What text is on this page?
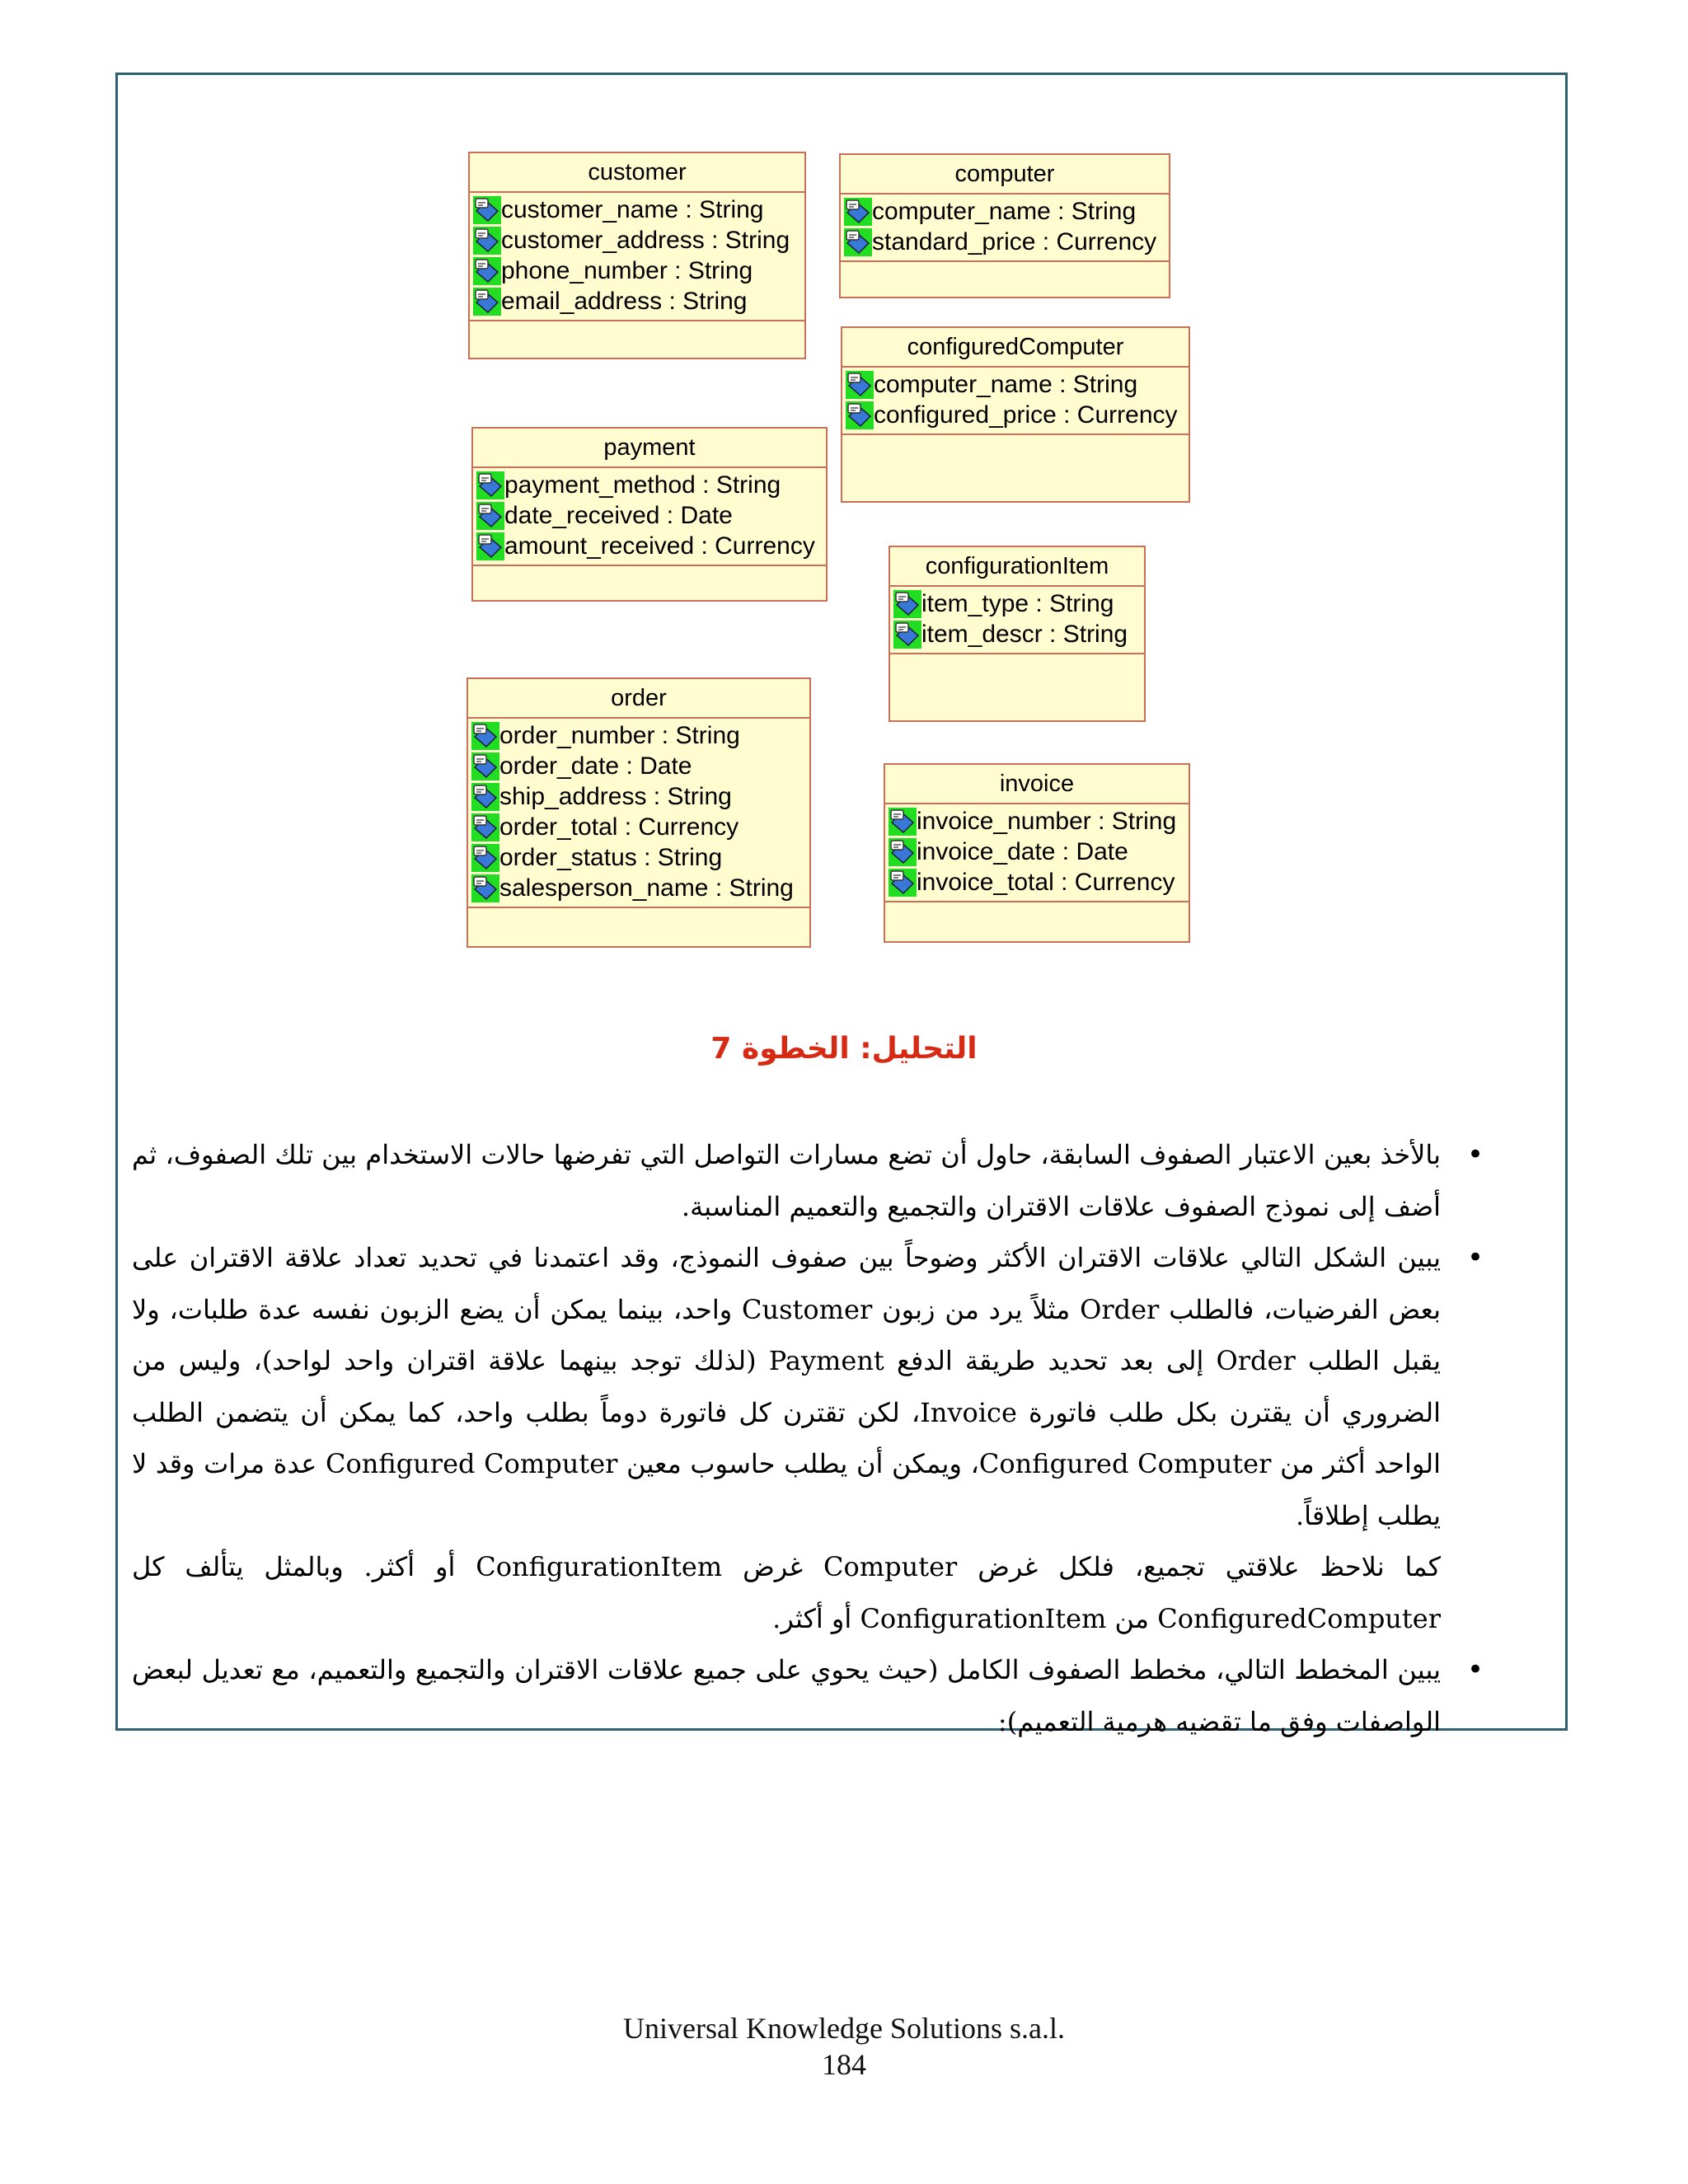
customer
customer_name : String
customer_address : String
phone_number : String
email_address : String
computer
computer_name : String
standard_price : Currency
configuredComputer
computer_name : String
configured_price : Currency
payment
payment_method : String
date_received : Date
amount_received : Currency
configurationItem
item_type : String
item_descr : String
order
order_number : String
order_date : Date
ship_address : String
order_total : Currency
order_status : String
salesperson_name : String
invoice
invoice_number : String
invoice_date : Date
invoice_total : Currency
التحليل: الخطوة 7

• بالأخذ بعين الاعتبار الصفوف السابقة، حاول أن تضع مسارات التواصل التي تفرضها حالات الاستخدام بين تلك الصفوف، ثم أضف إلى نموذج الصفوف علاقات الاقتران والتجميع والتعميم المناسبة.

• يبين الشكل التالي علاقات الاقتران الأكثر وضوحاً بين صفوف النموذج، وقد اعتمدنا في تحديد تعداد علاقة الاقتران على بعض الفرضيات، فالطلب Order مثلاً يرد من زبون Customer واحد، بينما يمكن أن يضع الزبون نفسه عدة طلبات، ولا يقبل الطلب Order إلى بعد تحديد طريقة الدفع Payment (لذلك توجد بينهما علاقة اقتران واحد لواحد)، وليس من الضروري أن يقترن بكل طلب فاتورة Invoice، لكن تقترن كل فاتورة دوماً بطلب واحد، كما يمكن أن يتضمن الطلب الواحد أكثر من Configured Computer، ويمكن أن يطلب حاسوب معين Configured Computer عدة مرات وقد لا يطلب إطلاقاً.

كما نلاحظ علاقتي تجميع، فلكل غرض Computer غرض ConfigurationItem أو أكثر. وبالمثل يتألف كل ConfiguredComputer من ConfigurationItem أو أكثر.

• يبين المخطط التالي، مخطط الصفوف الكامل (حيث يحوي على جميع علاقات الاقتران والتجميع والتعميم، مع تعديل لبعض الواصفات وفق ما تقضيه هرمية التعميم):

Universal Knowledge Solutions s.a.l.
184
